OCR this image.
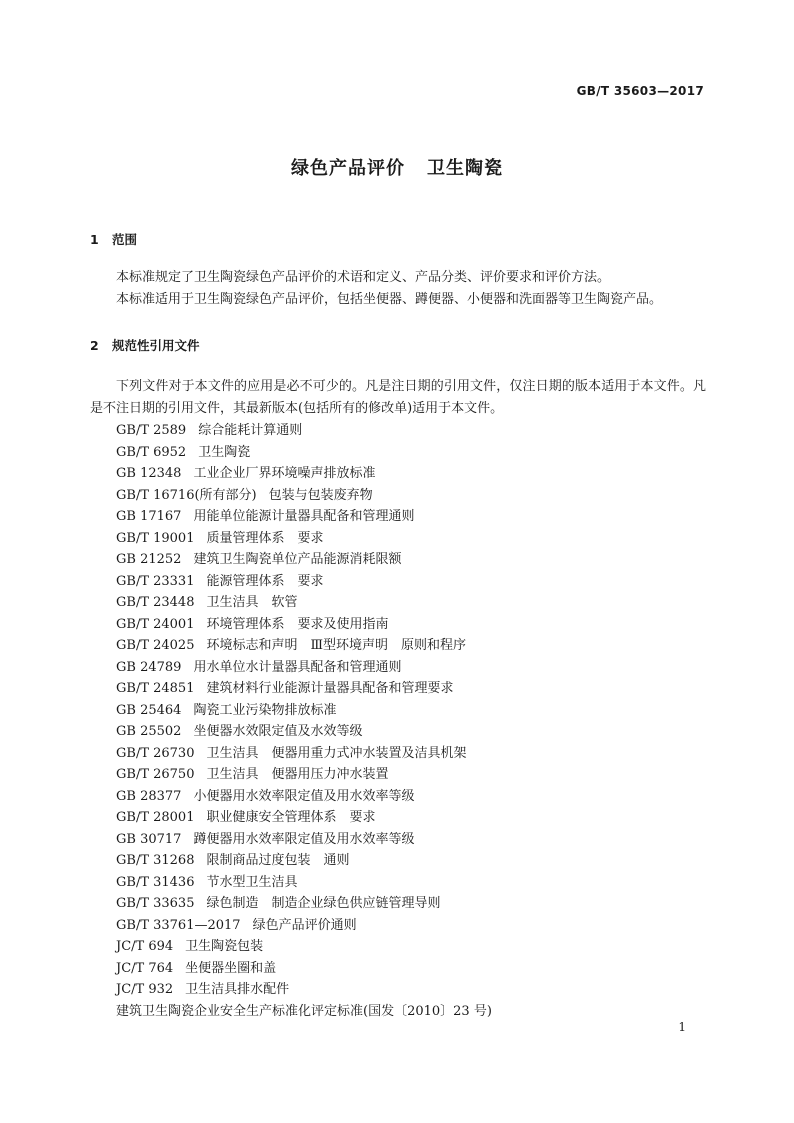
GB/T 35603—2017
绿色产品评价 卫生陶瓷
1 范围

本标准规定了卫生陶瓷绿色产品评价的术语和定义、产品分类、评价要求和评价方法。

本标准适用于卫生陶瓷绿色产品评价，包括坐便器、蹲便器、小便器和洗面器等卫生陶瓷产品。

2 规范性引用文件

下列文件对于本文件的应用是必不可少的。凡是注日期的引用文件，仅注日期的版本适用于本文件。凡是不注日期的引用文件，其最新版本(包括所有的修改单)适用于本文件。

GB/T 2589 综合能耗计算通则
GB/T 6952 卫生陶瓷
GB 12348 工业企业厂界环境噪声排放标准
GB/T 16716(所有部分) 包装与包装废弃物
GB 17167 用能单位能源计量器具配备和管理通则
GB/T 19001 质量管理体系　要求
GB 21252 建筑卫生陶瓷单位产品能源消耗限额
GB/T 23331 能源管理体系　要求
GB/T 23448 卫生洁具　软管
GB/T 24001 环境管理体系　要求及使用指南
GB/T 24025 环境标志和声明　Ⅲ型环境声明　原则和程序
GB 24789 用水单位水计量器具配备和管理通则
GB/T 24851 建筑材料行业能源计量器具配备和管理要求
GB 25464 陶瓷工业污染物排放标准
GB 25502 坐便器水效限定值及水效等级
GB/T 26730 卫生洁具　便器用重力式冲水装置及洁具机架
GB/T 26750 卫生洁具　便器用压力冲水装置
GB 28377 小便器用水效率限定值及用水效率等级
GB/T 28001 职业健康安全管理体系　要求
GB 30717 蹲便器用水效率限定值及用水效率等级
GB/T 31268 限制商品过度包装　通则
GB/T 31436 节水型卫生洁具
GB/T 33635 绿色制造　制造企业绿色供应链管理导则
GB/T 33761—2017 绿色产品评价通则
JC/T 694 卫生陶瓷包装
JC/T 764 坐便器坐圈和盖
JC/T 932 卫生洁具排水配件
建筑卫生陶瓷企业安全生产标准化评定标准(国发〔2010〕23 号)
1
